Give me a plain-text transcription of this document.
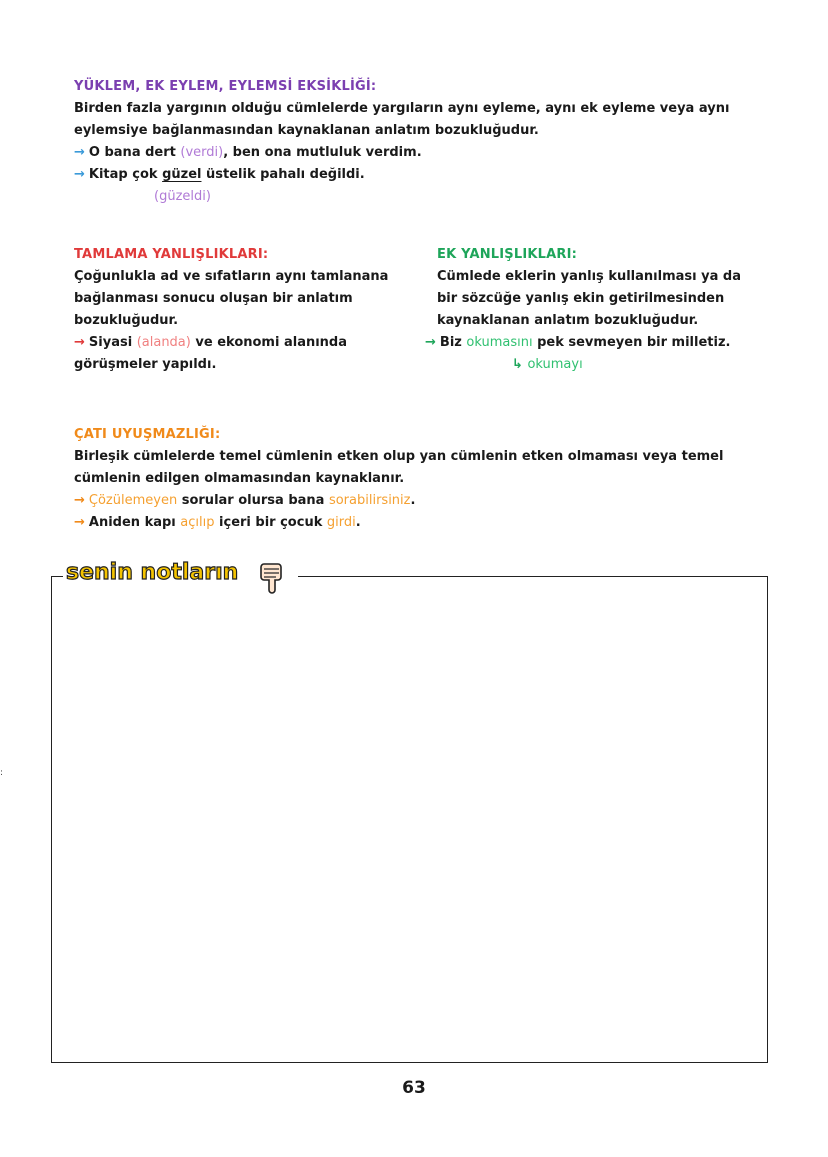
YÜKLEM, EK EYLEM, EYLEMSİ EKSİKLİĞİ:
Birden fazla yargının olduğu cümlelerde yargıların aynı eyleme, aynı ek eyleme veya aynı
eylemsiye bağlanmasından kaynaklanan anlatım bozukluğudur.
→ O bana dert (verdi), ben ona mutluluk verdim.
→ Kitap çok güzel üstelik pahalı değildi.
(güzeldi)
TAMLAMA YANLIŞLIKLARI:
Çoğunlukla ad ve sıfatların aynı tamlanana
bağlanması sonucu oluşan bir anlatım
bozukluğudur.
→ Siyasi (alanda) ve ekonomi alanında
görüşmeler yapıldı.
EK YANLIŞLIKLARI:
Cümlede eklerin yanlış kullanılması ya da
bir sözcüğe yanlış ekin getirilmesinden
kaynaklanan anlatım bozukluğudur.
→ Biz okumasını pek sevmeyen bir milletiz.
↳ okumayı
ÇATI UYUŞMAZLIĞI:
Birleşik cümlelerde temel cümlenin etken olup yan cümlenin etken olmaması veya temel
cümlenin edilgen olmamasından kaynaklanır.
→ Çözülemeyen sorular olursa bana sorabilirsiniz.
→ Aniden kapı açılıp içeri bir çocuk girdi.
senin notların
:
63
